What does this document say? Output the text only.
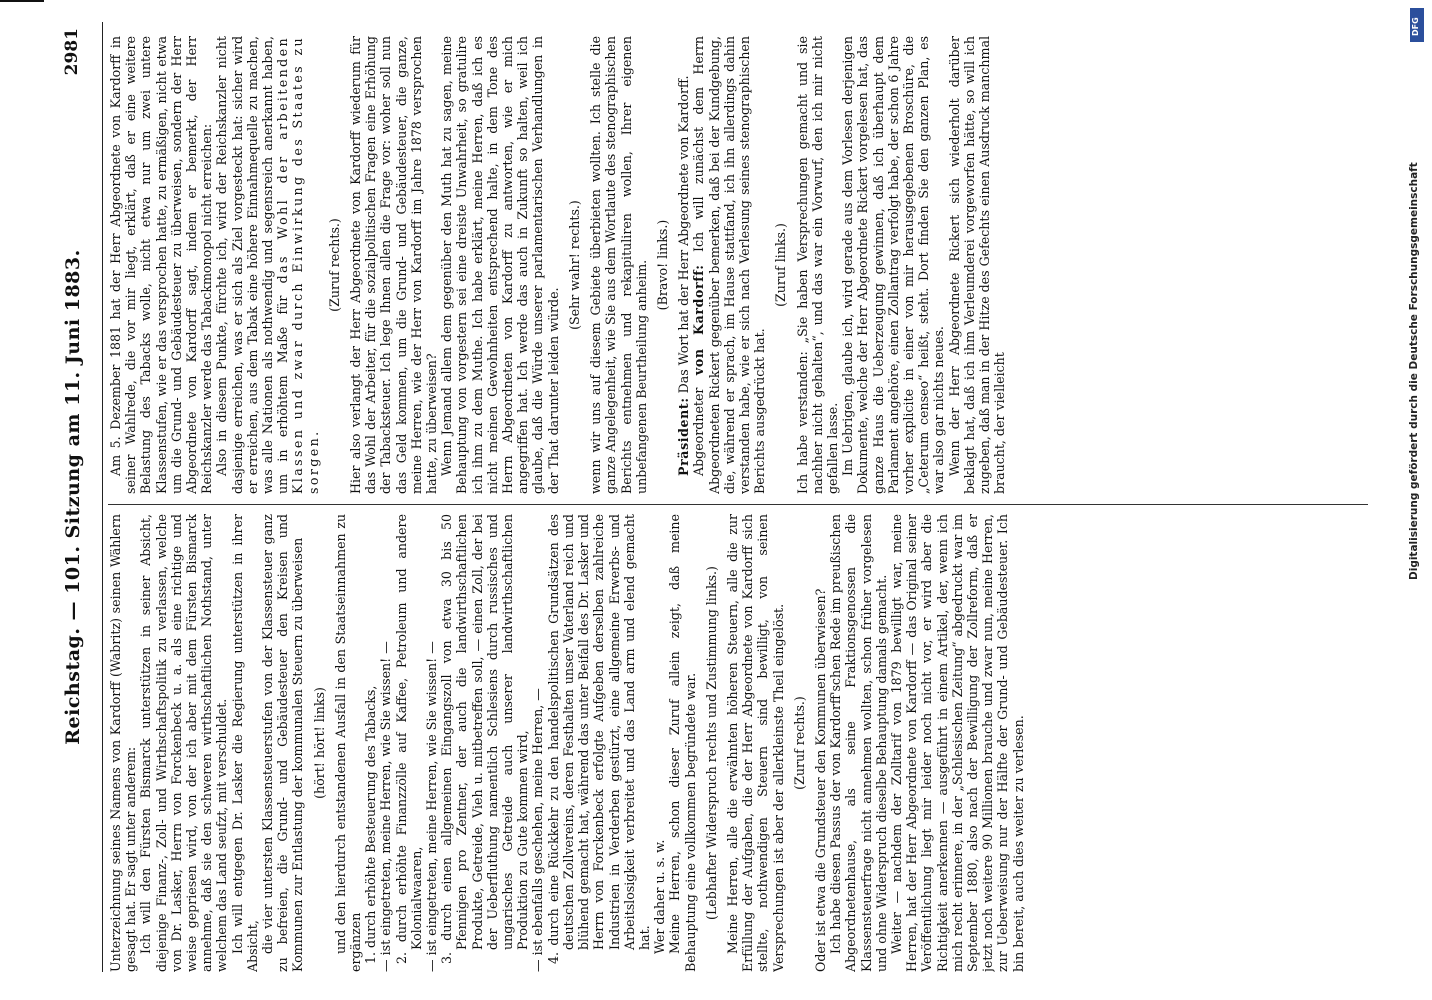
Reichstag. — 101. Sitzung am 11. Juni 1883.
2981

Unterzeichnung seines Namens von Kardorff (Wabritz) seinen Wählern gesagt hat. Er sagt unter anderem: Ich will den Fürsten Bismarck unterstützen in seiner Absicht, diejenige Finanz-, Zoll- und Wirthschaftspolitik zu verlassen, welche von Dr. Lasker, Herrn von Forckenbeck u. a. als eine richtige und weise gepriesen wird, von der ich aber mit dem Fürsten Bismarck annehme, daß sie den schweren wirthschaftlichen Nothstand, unter welchem das Land seufzt, mit verschuldet. Ich will entgegen Dr. Lasker die Regierung unterstützen in ihrer Absicht, die vier untersten Klassensteuerstufen von der Klassensteuer ganz zu befreien, die Grund- und Gebäudesteuer den Kreisen und Kommunen zur Entlastung der kommunalen Steuern zu überweisen (hört! hört! links) und den hierdurch entstandenen Ausfall in den Staatseinnahmen zu ergänzen 1. durch erhöhte Besteuerung des Tabacks, — ist eingetreten, meine Herren, wie Sie wissen! — 2. durch erhöhte Finanzzölle auf Kaffee, Petroleum und andere Kolonialwaaren, — ist eingetreten, meine Herren, wie Sie wissen! — 3. durch einen allgemeinen Eingangszoll von etwa 30 bis 50 Pfennigen pro Zentner, der auch die landwirthschaftlichen Produkte, Getreide, Vieh u. mitbetreffen soll, — einen Zoll, der bei der Ueberfluthung namentlich Schlesiens durch russisches und ungarisches Getreide auch unserer landwirthschaftlichen Produktion zu Gute kommen wird, — ist ebenfalls geschehen, meine Herren, — 4. durch eine Rückkehr zu den handelspolitischen Grundsätzen des deutschen Zollvereins, deren Festhalten unser Vaterland reich und blühend gemacht hat, während das unter Beifall des Dr. Lasker und Herrn von Forckenbeck erfolgte Aufgeben derselben zahlreiche Industrien in Verderben gestürzt, eine allgemeine Erwerbs- und Arbeitslosigkeit verbreitet und das Land arm und elend gemacht hat. Wer daher u. s. w. Meine Herren, schon dieser Zuruf allein zeigt, daß meine Behauptung eine vollkommen begründete war. (Lebhafter Widerspruch rechts und Zustimmung links.) Meine Herren, alle die erwähnten höheren Steuern, alle die zur Erfüllung der Aufgaben, die der Herr Abgeordnete von Kardorff sich stellte, nothwendigen Steuern sind bewilligt, von seinen Versprechungen ist aber der allerkleinste Theil eingelöst. (Zuruf rechts.) Oder ist etwa die Grundsteuer den Kommunen überwiesen? Ich habe diesen Passus der von Kardorff'schen Rede im preußischen Abgeordnetenhause, als seine Fraktionsgenossen die Klassensteuerfrage nicht annehmen wollten, schon früher vorgelesen und ohne Widerspruch dieselbe Behauptung damals gemacht. Weiter — nachdem der Zolltarif von 1879 bewilligt war, meine Herren, hat der Herr Abgeordnete von Kardorff — das Original seiner Veröffentlichung liegt mir leider noch nicht vor, er wird aber die Richtigkeit anerkennen — ausgeführt in einem Artikel, der, wenn ich mich recht erinnere, in der „Schlesischen Zeitung“ abgedruckt war im September 1880, also nach der Bewilligung der Zollreform, daß er jetzt noch weitere 90 Millionen brauche und zwar nun, meine Herren, zur Ueberweisung nur der Hälfte der Grund- und Gebäudesteuer. Ich bin bereit, auch dies weiter zu verlesen.

Am 5. Dezember 1881 hat der Herr Abgeordnete von Kardorff in seiner Wahlrede, die vor mir liegt, erklärt, daß er eine weitere Belastung des Tabacks wolle, nicht etwa nur um zwei untere Klassenstufen, wie er das versprochen hatte, zu ermäßigen, nicht etwa um die Grund- und Gebäudesteuer zu überweisen, sondern der Herr Abgeordnete von Kardorff sagt, indem er bemerkt, der Herr Reichskanzler werde das Tabackmonopol nicht erreichen: Also in diesem Punkte, fürchte ich, wird der Reichskanzler nicht dasjenige erreichen, was er sich als Ziel vorgesteckt hat: sicher wird er erreichen, aus dem Tabak eine höhere Einnahmequelle zu machen, was alle Nationen als nothwendig und segensreich anerkannt haben, um in erhöhtem Maße für das Wohl der arbeitenden Klassen und zwar durch Einwirkung des Staates zu sorgen.

(Zuruf rechts.) Hier also verlangt der Herr Abgeordnete von Kardorff wiederum für das Wohl der Arbeiter, für die sozialpolitischen Fragen eine Erhöhung der Tabacksteuer. Ich lege Ihnen allen die Frage vor: woher soll nun das Geld kommen, um die Grund- und Gebäudesteuer, die ganze, meine Herren, wie der Herr von Kardorff im Jahre 1878 versprochen hatte, zu überweisen? Wenn Jemand allem dem gegenüber den Muth hat zu sagen, meine Behauptung von vorgestern sei eine dreiste Unwahrheit, so gratulire ich ihm zu dem Muthe. Ich habe erklärt, meine Herren, daß ich es nicht meinen Gewohnheiten entsprechend halte, in dem Tone des Herrn Abgeordneten von Kardorff zu antworten, wie er mich angegriffen hat. Ich werde das auch in Zukunft so halten, weil ich glaube, daß die Würde unserer parlamentarischen Verhandlungen in der That darunter leiden würde.

(Sehr wahr! rechts.) wenn wir uns auf diesem Gebiete überbieten wollten. Ich stelle die ganze Angelegenheit, wie Sie aus dem Wortlaute des stenographischen Berichts entnehmen und rekapituliren wollen, Ihrer eigenen unbefangenen Beurtheilung anheim. (Bravo! links.)

Präsident: Das Wort hat der Herr Abgeordnete von Kardorff.

Abgeordneter von Kardorff: Ich will zunächst dem Herrn Abgeordneten Rickert gegenüber bemerken, daß bei der Kundgebung, die, während er sprach, im Hause stattfand, ich ihn allerdings dahin verstanden habe, wie er sich nach Verlesung seines stenographischen Berichts ausgedrückt hat.

(Zuruf links.) Ich habe verstanden: „Sie haben Versprechungen gemacht und sie nachher nicht gehalten“, und das war ein Vorwurf, den ich mir nicht gefallen lasse. Im Uebrigen, glaube ich, wird gerade aus dem Vorlesen derjenigen Dokumente, welche der Herr Abgeordnete Rickert vorgelesen hat, das ganze Haus die Ueberzeugung gewinnen, daß ich überhaupt dem Parlament angehöre, einen Zollantrag verfolgt habe, der schon 6 Jahre vorher explicite in einer von mir herausgegebenen Broschüre, die „Ceterum censeo“ heißt, steht. Dort finden Sie den ganzen Plan, es war also gar nichts neues. Wenn der Herr Abgeordnete Rickert sich wiederholt darüber beklagt hat, daß ich ihm Verleumderei vorgeworfen hätte, so will ich zugeben, daß man in der Hitze des Gefechts einen Ausdruck manchmal braucht, der vielleicht

DFG
Digitalisierung gefördert durch die Deutsche Forschungsgemeinschaft
